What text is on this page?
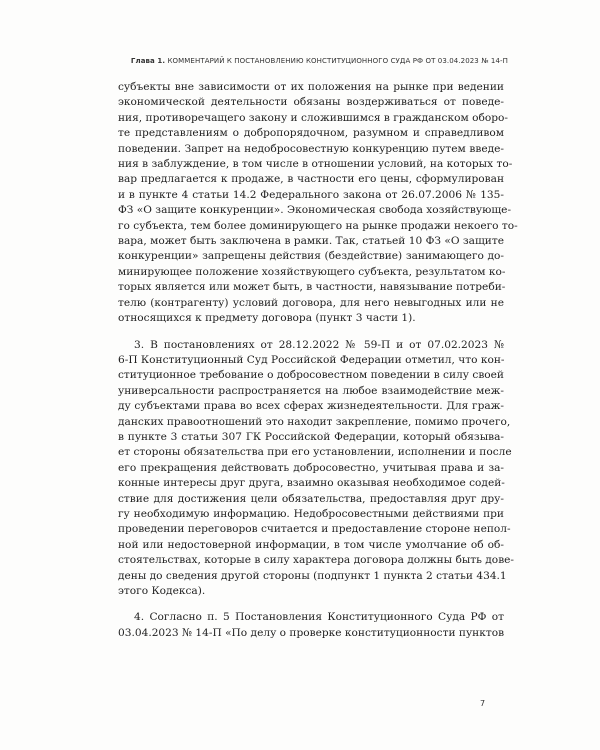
Глава 1. КОММЕНТАРИЙ К ПОСТАНОВЛЕНИЮ КОНСТИТУЦИОННОГО СУДА РФ ОТ 03.04.2023 № 14-П
субъекты вне зависимости от их положения на рынке при ведении
экономической деятельности обязаны воздерживаться от поведе-
ния, противоречащего закону и сложившимся в гражданском оборо-
те представлениям о добропорядочном, разумном и справедливом
поведении. Запрет на недобросовестную конкуренцию путем введе-
ния в заблуждение, в том числе в отношении условий, на которых то-
вар предлагается к продаже, в частности его цены, сформулирован
и в пункте 4 статьи 14.2 Федерального закона от 26.07.2006 № 135-
ФЗ «О защите конкуренции». Экономическая свобода хозяйствующе-
го субъекта, тем более доминирующего на рынке продажи некоего то-
вара, может быть заключена в рамки. Так, статьей 10 ФЗ «О защите
конкуренции» запрещены действия (бездействие) занимающего до-
минирующее положение хозяйствующего субъекта, результатом ко-
торых является или может быть, в частности, навязывание потреби-
телю (контрагенту) условий договора, для него невыгодных или не
относящихся к предмету договора (пункт 3 части 1).
3. В постановлениях от 28.12.2022 № 59-П и от 07.02.2023 №
6-П Конституционный Суд Российской Федерации отметил, что кон-
ституционное требование о добросовестном поведении в силу своей
универсальности распространяется на любое взаимодействие меж-
ду субъектами права во всех сферах жизнедеятельности. Для граж-
данских правоотношений это находит закрепление, помимо прочего,
в пункте 3 статьи 307 ГК Российской Федерации, который обязыва-
ет стороны обязательства при его установлении, исполнении и после
его прекращения действовать добросовестно, учитывая права и за-
конные интересы друг друга, взаимно оказывая необходимое содей-
ствие для достижения цели обязательства, предоставляя друг дру-
гу необходимую информацию. Недобросовестными действиями при
проведении переговоров считается и предоставление стороне непол-
ной или недостоверной информации, в том числе умолчание об об-
стоятельствах, которые в силу характера договора должны быть дове-
дены до сведения другой стороны (подпункт 1 пункта 2 статьи 434.1
этого Кодекса).
4. Согласно п. 5 Постановления Конституционного Суда РФ от
03.04.2023 № 14-П «По делу о проверке конституционности пунктов
7
